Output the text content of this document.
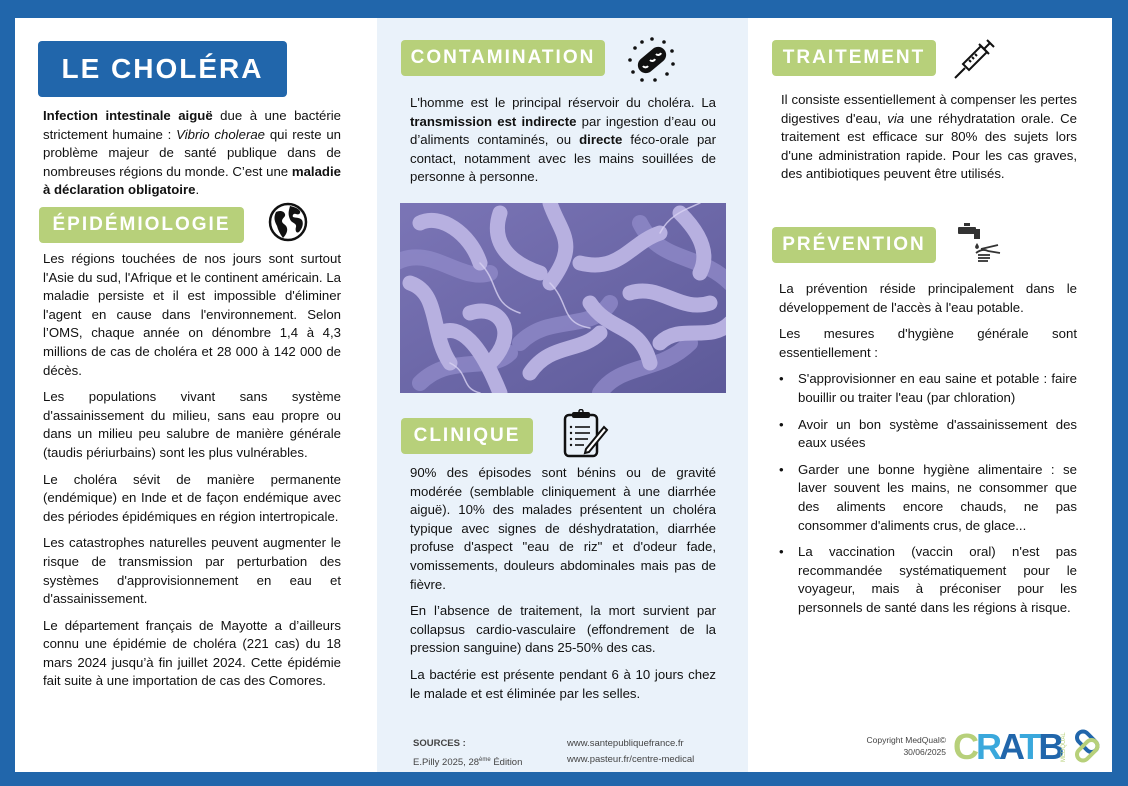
LE CHOLÉRA

Infection intestinale aiguë due à une bactérie strictement humaine : Vibrio cholerae qui reste un problème majeur de santé publique dans de nombreuses régions du monde. C’est une maladie à déclaration obligatoire.

ÉPIDÉMIOLOGIE

Les régions touchées de nos jours sont surtout l'Asie du sud, l'Afrique et le continent américain. La maladie persiste et il est impossible d'éliminer l'agent en cause dans l'environnement. Selon l’OMS, chaque année on dénombre 1,4 à 4,3 millions de cas de choléra et 28 000 à 142 000 de décès.

Les populations vivant sans système d'assainissement du milieu, sans eau propre ou dans un milieu peu salubre de manière générale (taudis périurbains) sont les plus vulnérables.

Le choléra sévit de manière permanente (endémique) en Inde et de façon endémique avec des périodes épidémiques en région intertropicale.

Les catastrophes naturelles peuvent augmenter le risque de transmission par perturbation des systèmes d'approvisionnement en eau et d'assainissement.

Le département français de Mayotte a d’ailleurs connu une épidémie de choléra (221 cas) du 18 mars 2024 jusqu’à fin juillet 2024. Cette épidémie fait suite à une importation de cas des Comores.

CONTAMINATION

L'homme est le principal réservoir du choléra. La transmission est indirecte par ingestion d’eau ou d’aliments contaminés, ou directe féco-orale par contact, notamment avec les mains souillées de personne à personne.

CLINIQUE

90% des épisodes sont bénins ou de gravité modérée (semblable cliniquement à une diarrhée aiguë). 10% des malades présentent un choléra typique avec signes de déshydratation, diarrhée profuse d'aspect "eau de riz" et d'odeur fade, vomissements, douleurs abdominales mais pas de fièvre.

En l’absence de traitement, la mort survient par collapsus cardio-vasculaire (effondrement de la pression sanguine) dans 25-50% des cas.

La bactérie est présente pendant 6 à 10 jours chez le malade et est éliminée par les selles.

SOURCES :
E.Pilly 2025, 28ème Édition
www.santepubliquefrance.fr
www.pasteur.fr/centre-medical
TRAITEMENT

Il consiste essentiellement à compenser les pertes digestives d'eau, via une réhydratation orale. Ce traitement est efficace sur 80% des sujets lors d'une administration rapide. Pour les cas graves, des antibiotiques peuvent être utilisés.

PRÉVENTION

La prévention réside principalement dans le développement de l'accès à l'eau potable.

Les mesures d'hygiène générale sont essentiellement :

• S'approvisionner en eau saine et potable : faire bouillir ou traiter l'eau (par chloration)
• Avoir un bon système d'assainissement des eaux usées
• Garder une bonne hygiène alimentaire : se laver souvent les mains, ne consommer que des aliments encore chauds, ne pas consommer d'aliments crus, de glace...
• La vaccination (vaccin oral) n'est pas recommandée systématiquement pour le voyageur, mais à préconiser pour les personnels de santé dans les régions à risque.
Copyright MedQual©
30/06/2025 CRATB MEDQUAL
